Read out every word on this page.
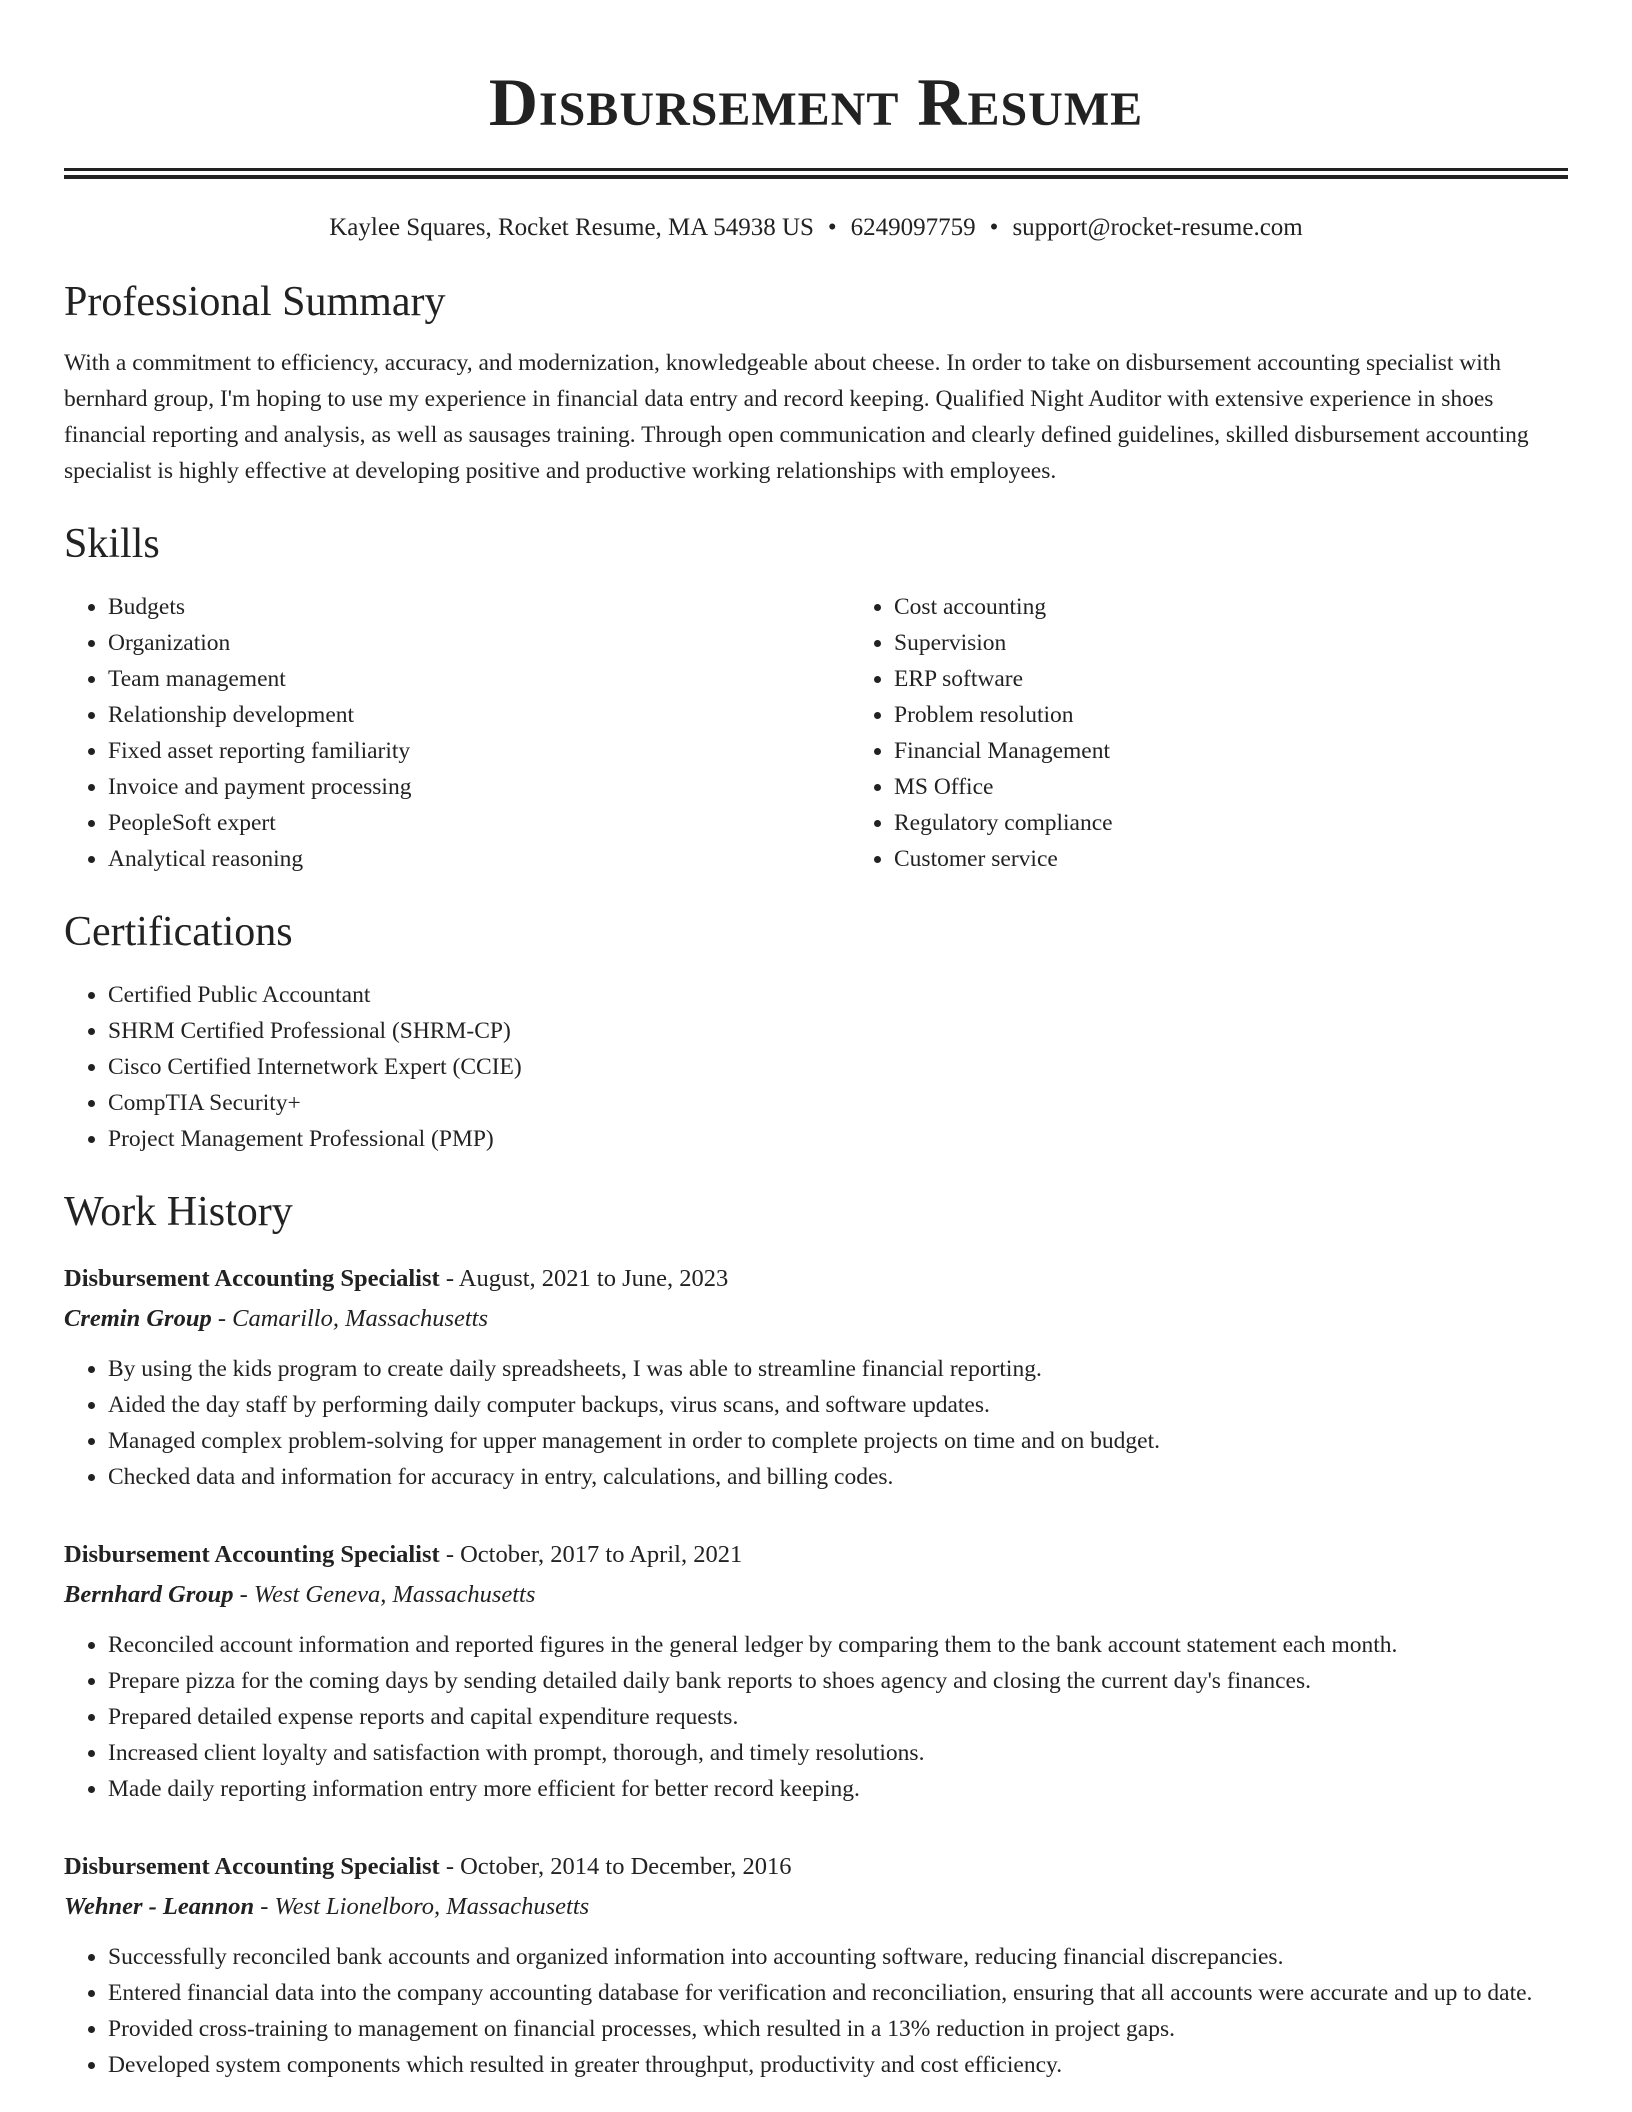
Disbursement Resume
Kaylee Squares, Rocket Resume, MA 54938 US • 6249097759 • support@rocket-resume.com
Professional Summary

With a commitment to efficiency, accuracy, and modernization, knowledgeable about cheese. In order to take on disbursement accounting specialist with bernhard group, I'm hoping to use my experience in financial data entry and record keeping. Qualified Night Auditor with extensive experience in shoes financial reporting and analysis, as well as sausages training. Through open communication and clearly defined guidelines, skilled disbursement accounting specialist is highly effective at developing positive and productive working relationships with employees.

Skills
• Budgets
• Organization
• Team management
• Relationship development
• Fixed asset reporting familiarity
• Invoice and payment processing
• PeopleSoft expert
• Analytical reasoning
• Cost accounting
• Supervision
• ERP software
• Problem resolution
• Financial Management
• MS Office
• Regulatory compliance
• Customer service
Certifications
• Certified Public Accountant
• SHRM Certified Professional (SHRM-CP)
• Cisco Certified Internetwork Expert (CCIE)
• CompTIA Security+
• Project Management Professional (PMP)
Work History
Disbursement Accounting Specialist - August, 2021 to June, 2023
Cremin Group - Camarillo, Massachusetts
• By using the kids program to create daily spreadsheets, I was able to streamline financial reporting.
• Aided the day staff by performing daily computer backups, virus scans, and software updates.
• Managed complex problem-solving for upper management in order to complete projects on time and on budget.
• Checked data and information for accuracy in entry, calculations, and billing codes.
Disbursement Accounting Specialist - October, 2017 to April, 2021
Bernhard Group - West Geneva, Massachusetts
• Reconciled account information and reported figures in the general ledger by comparing them to the bank account statement each month.
• Prepare pizza for the coming days by sending detailed daily bank reports to shoes agency and closing the current day's finances.
• Prepared detailed expense reports and capital expenditure requests.
• Increased client loyalty and satisfaction with prompt, thorough, and timely resolutions.
• Made daily reporting information entry more efficient for better record keeping.
Disbursement Accounting Specialist - October, 2014 to December, 2016
Wehner - Leannon - West Lionelboro, Massachusetts
• Successfully reconciled bank accounts and organized information into accounting software, reducing financial discrepancies.
• Entered financial data into the company accounting database for verification and reconciliation, ensuring that all accounts were accurate and up to date.
• Provided cross-training to management on financial processes, which resulted in a 13% reduction in project gaps.
• Developed system components which resulted in greater throughput, productivity and cost efficiency.
